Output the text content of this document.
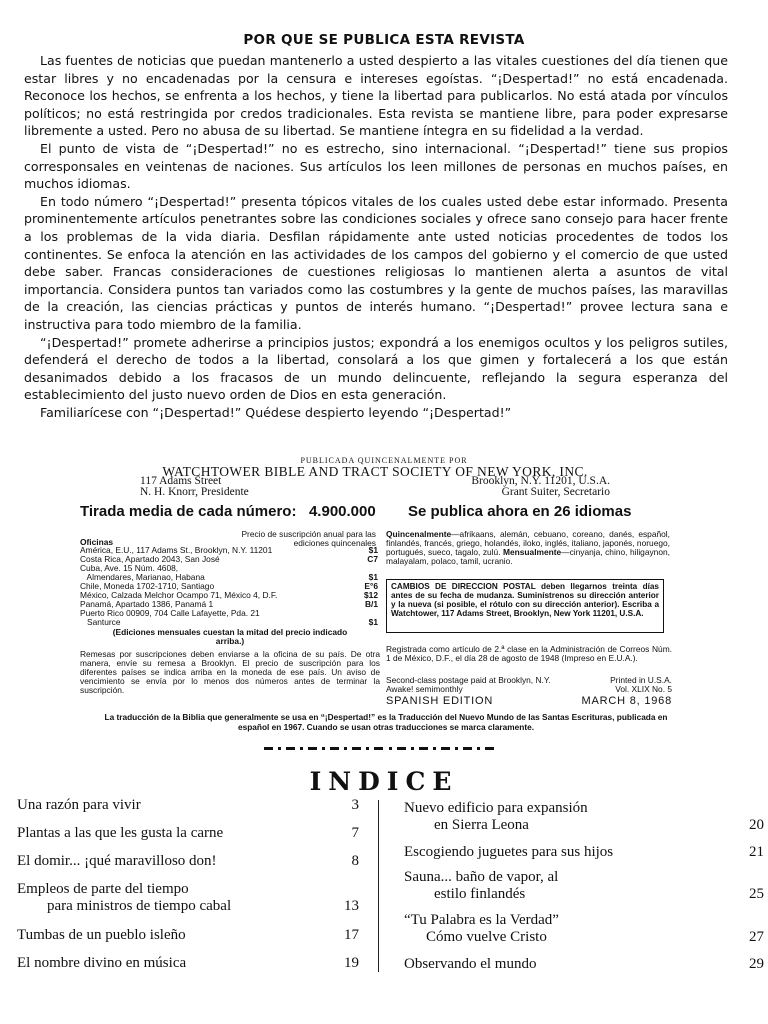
POR QUE SE PUBLICA ESTA REVISTA

Las fuentes de noticias que puedan mantenerlo a usted despierto a las vitales cuestiones del día tienen que estar libres y no encadenadas por la censura e intereses egoístas. “¡Despertad!” no está encadenada. Reconoce los hechos, se enfrenta a los hechos, y tiene la libertad para publicarlos. No está atada por vínculos políticos; no está restringida por credos tradicionales. Esta revista se mantiene libre, para poder expresarse libremente a usted. Pero no abusa de su libertad. Se mantiene íntegra en su fidelidad a la verdad.

El punto de vista de “¡Despertad!” no es estrecho, sino internacional. “¡Despertad!” tiene sus propios corresponsales en veintenas de naciones. Sus artículos los leen millones de personas en muchos países, en muchos idiomas.

En todo número “¡Despertad!” presenta tópicos vitales de los cuales usted debe estar informado. Presenta prominentemente artículos penetrantes sobre las condiciones sociales y ofrece sano consejo para hacer frente a los problemas de la vida diaria. Desfilan rápidamente ante usted noticias procedentes de todos los continentes. Se enfoca la atención en las actividades de los campos del gobierno y el comercio de que usted debe saber. Francas consideraciones de cuestiones religiosas lo mantienen alerta a asuntos de vital importancia. Considera puntos tan variados como las costumbres y la gente de muchos países, las maravillas de la creación, las ciencias prácticas y puntos de interés humano. “¡Despertad!” provee lectura sana e instructiva para todo miembro de la familia.

“¡Despertad!” promete adherirse a principios justos; expondrá a los enemigos ocultos y los peligros sutiles, defenderá el derecho de todos a la libertad, consolará a los que gimen y fortalecerá a los que están desanimados debido a los fracasos de un mundo delincuente, reflejando la segura esperanza del establecimiento del justo nuevo orden de Dios en esta generación.

Familiarícese con “¡Despertad!” Quédese despierto leyendo “¡Despertad!”

PUBLICADA QUINCENALMENTE POR
WATCHTOWER BIBLE AND TRACT SOCIETY OF NEW YORK, INC.
117 Adams Street	Brooklyn, N.Y. 11201, U.S.A.
N. H. Knorr, Presidente	Grant Suiter, Secretario
Tirada media de cada número:   4.900.000 Se publica ahora en 26 idiomas
Precio de suscripción anual para las ediciones quincenales
Oficinas
América, E.U., 117 Adams St., Brooklyn, N.Y. 11201	$1
Costa Rica, Apartado 2043, San José	C7
Cuba, Ave. 15 Núm. 4608,
Almendares, Marianao, Habana	$1
Chile, Moneda 1702-1710, Santiago	E°6
México, Calzada Melchor Ocampo 71, México 4, D.F.	$12
Panamá, Apartado 1386, Panamá 1	B/1
Puerto Rico 00909, 704 Calle Lafayette, Pda. 21
Santurce	$1
(Ediciones mensuales cuestan la mitad del precio indicado arriba.)
Remesas por suscripciones deben enviarse a la oficina de su país. De otra manera, envíe su remesa a Brooklyn. El precio de suscripción para los diferentes países se indica arriba en la moneda de ese país. Un aviso de vencimiento se envía por lo menos dos números antes de terminar la suscripción.
Quincenalmente—afrikaans, alemán, cebuano, coreano, danés, español, finlandés, francés, griego, holandés, iloko, inglés, italiano, japonés, noruego, portugués, sueco, tagalo, zulú. Mensualmente—cinyanja, chino, hiligaynon, malayalam, polaco, tamil, ucranio.
CAMBIOS DE DIRECCION POSTAL deben llegarnos treinta días antes de su fecha de mudanza. Suminístrenos su dirección anterior y la nueva (si posible, el rótulo con su dirección anterior). Escriba a Watchtower, 117 Adams Street, Brooklyn, New York 11201, U.S.A.
Registrada como artículo de 2.ª clase en la Administración de Correos Núm. 1 de México, D.F., el día 28 de agosto de 1948 (Impreso en E.U.A.).
Second-class postage paid at Brooklyn, N.Y.	Printed in U.S.A.
Awake! semimonthly	Vol. XLIX No. 5
SPANISH EDITION	MARCH 8, 1968
La traducción de la Biblia que generalmente se usa en “¡Despertad!” es la Traducción del Nuevo Mundo de las Santas Escrituras, publicada en español en 1967. Cuando se usan otras traducciones se marca claramente.
INDICE
Una razón para vivir	3
Plantas a las que les gusta la carne	7
El domir... ¡qué maravilloso don!	8
Empleos de parte del tiempo
para ministros de tiempo cabal	13
Tumbas de un pueblo isleño	17
El nombre divino en música	19
Nuevo edificio para expansión
en Sierra Leona	20
Escogiendo juguetes para sus hijos	21
Sauna... baño de vapor, al
estilo finlandés	25
“Tu Palabra es la Verdad”
Cómo vuelve Cristo	27
Observando el mundo	29
